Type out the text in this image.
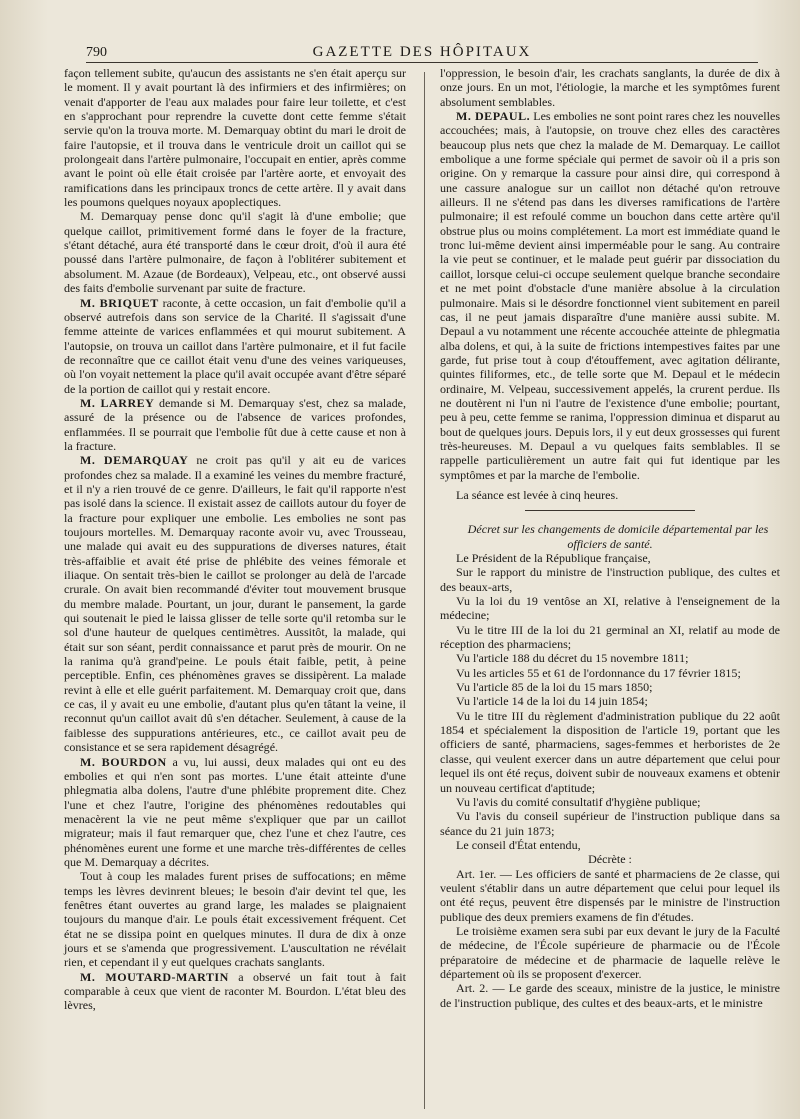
790	GAZETTE DES HÔPITAUX

façon tellement subite, qu'aucun des assistants ne s'en était aperçu sur le moment. Il y avait pourtant là des infirmiers et des infirmières; on venait d'apporter de l'eau aux malades pour faire leur toilette, et c'est en s'approchant pour reprendre la cuvette dont cette femme s'était servie qu'on la trouva morte. M. Demarquay obtint du mari le droit de faire l'autopsie, et il trouva dans le ventricule droit un caillot qui se prolongeait dans l'artère pulmonaire, l'occupait en entier, après comme avant le point où elle était croisée par l'artère aorte, et envoyait des ramifications dans les principaux troncs de cette artère. Il y avait dans les poumons quelques noyaux apoplectiques.

M. Demarquay pense donc qu'il s'agit là d'une embolie; que quelque caillot, primitivement formé dans le foyer de la fracture, s'étant détaché, aura été transporté dans le cœur droit, d'où il aura été poussé dans l'artère pulmonaire, de façon à l'oblitérer subitement et absolument. M. Azaue (de Bordeaux), Velpeau, etc., ont observé aussi des faits d'embolie survenant par suite de fracture.

M. BRIQUET raconte, à cette occasion, un fait d'embolie qu'il a observé autrefois dans son service de la Charité. Il s'agissait d'une femme atteinte de varices enflammées et qui mourut subitement. A l'autopsie, on trouva un caillot dans l'artère pulmonaire, et il fut facile de reconnaître que ce caillot était venu d'une des veines variqueuses, où l'on voyait nettement la place qu'il avait occupée avant d'être séparé de la portion de caillot qui y restait encore.

M. LARREY demande si M. Demarquay s'est, chez sa malade, assuré de la présence ou de l'absence de varices profondes, enflammées. Il se pourrait que l'embolie fût due à cette cause et non à la fracture.

M. DEMARQUAY ne croit pas qu'il y ait eu de varices profondes chez sa malade. Il a examiné les veines du membre fracturé, et il n'y a rien trouvé de ce genre. D'ailleurs, le fait qu'il rapporte n'est pas isolé dans la science. Il existait assez de caillots autour du foyer de la fracture pour expliquer une embolie. Les embolies ne sont pas toujours mortelles. M. Demarquay raconte avoir vu, avec Trousseau, une malade qui avait eu des suppurations de diverses natures, était très-affaiblie et avait été prise de phlébite des veines fémorale et iliaque. On sentait très-bien le caillot se prolonger au delà de l'arcade crurale. On avait bien recommandé d'éviter tout mouvement brusque du membre malade. Pourtant, un jour, durant le pansement, la garde qui soutenait le pied le laissa glisser de telle sorte qu'il retomba sur le sol d'une hauteur de quelques centimètres. Aussitôt, la malade, qui était sur son séant, perdit connaissance et parut près de mourir. On ne la ranima qu'à grand'peine. Le pouls était faible, petit, à peine perceptible. Enfin, ces phénomènes graves se dissipèrent. La malade revint à elle et elle guérit parfaitement. M. Demarquay croit que, dans ce cas, il y avait eu une embolie, d'autant plus qu'en tâtant la veine, il reconnut qu'un caillot avait dû s'en détacher. Seulement, à cause de la faiblesse des suppurations antérieures, etc., ce caillot avait peu de consistance et se sera rapidement désagrégé.

M. BOURDON a vu, lui aussi, deux malades qui ont eu des embolies et qui n'en sont pas mortes. L'une était atteinte d'une phlegmatia alba dolens, l'autre d'une phlébite proprement dite. Chez l'une et chez l'autre, l'origine des phénomènes redoutables qui menacèrent la vie ne peut même s'expliquer que par un caillot migrateur; mais il faut remarquer que, chez l'une et chez l'autre, ces phénomènes eurent une forme et une marche très-différentes de celles que M. Demarquay a décrites.

Tout à coup les malades furent prises de suffocations; en même temps les lèvres devinrent bleues; le besoin d'air devint tel que, les fenêtres étant ouvertes au grand large, les malades se plaignaient toujours du manque d'air. Le pouls était excessivement fréquent. Cet état ne se dissipa point en quelques minutes. Il dura de dix à onze jours et se s'amenda que progressivement. L'auscultation ne révélait rien, et cependant il y eut quelques crachats sanglants.

M. MOUTARD-MARTIN a observé un fait tout à fait comparable à ceux que vient de raconter M. Bourdon. L'état bleu des lèvres,

l'oppression, le besoin d'air, les crachats sanglants, la durée de dix à onze jours. En un mot, l'étiologie, la marche et les symptômes furent absolument semblables.

M. DEPAUL. Les embolies ne sont point rares chez les nouvelles accouchées; mais, à l'autopsie, on trouve chez elles des caractères beaucoup plus nets que chez la malade de M. Demarquay. Le caillot embolique a une forme spéciale qui permet de savoir où il a pris son origine. On y remarque la cassure pour ainsi dire, qui correspond à une cassure analogue sur un caillot non détaché qu'on retrouve ailleurs. Il ne s'étend pas dans les diverses ramifications de l'artère pulmonaire; il est refoulé comme un bouchon dans cette artère qu'il obstrue plus ou moins complétement. La mort est immédiate quand le tronc lui-même devient ainsi imperméable pour le sang. Au contraire la vie peut se continuer, et le malade peut guérir par dissociation du caillot, lorsque celui-ci occupe seulement quelque branche secondaire et ne met point d'obstacle d'une manière absolue à la circulation pulmonaire. Mais si le désordre fonctionnel vient subitement en pareil cas, il ne peut jamais disparaître d'une manière aussi subite. M. Depaul a vu notamment une récente accouchée atteinte de phlegmatia alba dolens, et qui, à la suite de frictions intempestives faites par une garde, fut prise tout à coup d'étouffement, avec agitation délirante, quintes filiformes, etc., de telle sorte que M. Depaul et le médecin ordinaire, M. Velpeau, successivement appelés, la crurent perdue. Ils ne doutèrent ni l'un ni l'autre de l'existence d'une embolie; pourtant, peu à peu, cette femme se ranima, l'oppression diminua et disparut au bout de quelques jours. Depuis lors, il y eut deux grossesses qui furent très-heureuses. M. Depaul a vu quelques faits semblables. Il se rappelle particulièrement un autre fait qui fut identique par les symptômes et par la marche de l'embolie.

La séance est levée à cinq heures.

Décret sur les changements de domicile départemental par les officiers de santé.

Le Président de la République française,

Sur le rapport du ministre de l'instruction publique, des cultes et des beaux-arts,

Vu la loi du 19 ventôse an XI, relative à l'enseignement de la médecine;

Vu le titre III de la loi du 21 germinal an XI, relatif au mode de réception des pharmaciens;

Vu l'article 188 du décret du 15 novembre 1811;

Vu les articles 55 et 61 de l'ordonnance du 17 février 1815;

Vu l'article 85 de la loi du 15 mars 1850;

Vu l'article 14 de la loi du 14 juin 1854;

Vu le titre III du règlement d'administration publique du 22 août 1854 et spécialement la disposition de l'article 19, portant que les officiers de santé, pharmaciens, sages-femmes et herboristes de 2e classe, qui veulent exercer dans un autre département que celui pour lequel ils ont été reçus, doivent subir de nouveaux examens et obtenir un nouveau certificat d'aptitude;

Vu l'avis du comité consultatif d'hygiène publique;

Vu l'avis du conseil supérieur de l'instruction publique dans sa séance du 21 juin 1873;

Le conseil d'État entendu,

Décrète :

Art. 1er. — Les officiers de santé et pharmaciens de 2e classe, qui veulent s'établir dans un autre département que celui pour lequel ils ont été reçus, peuvent être dispensés par le ministre de l'instruction publique des deux premiers examens de fin d'études.

Le troisième examen sera subi par eux devant le jury de la Faculté de médecine, de l'École supérieure de pharmacie ou de l'École préparatoire de médecine et de pharmacie de laquelle relève le département où ils se proposent d'exercer.

Art. 2. — Le garde des sceaux, ministre de la justice, le ministre de l'instruction publique, des cultes et des beaux-arts, et le ministre
